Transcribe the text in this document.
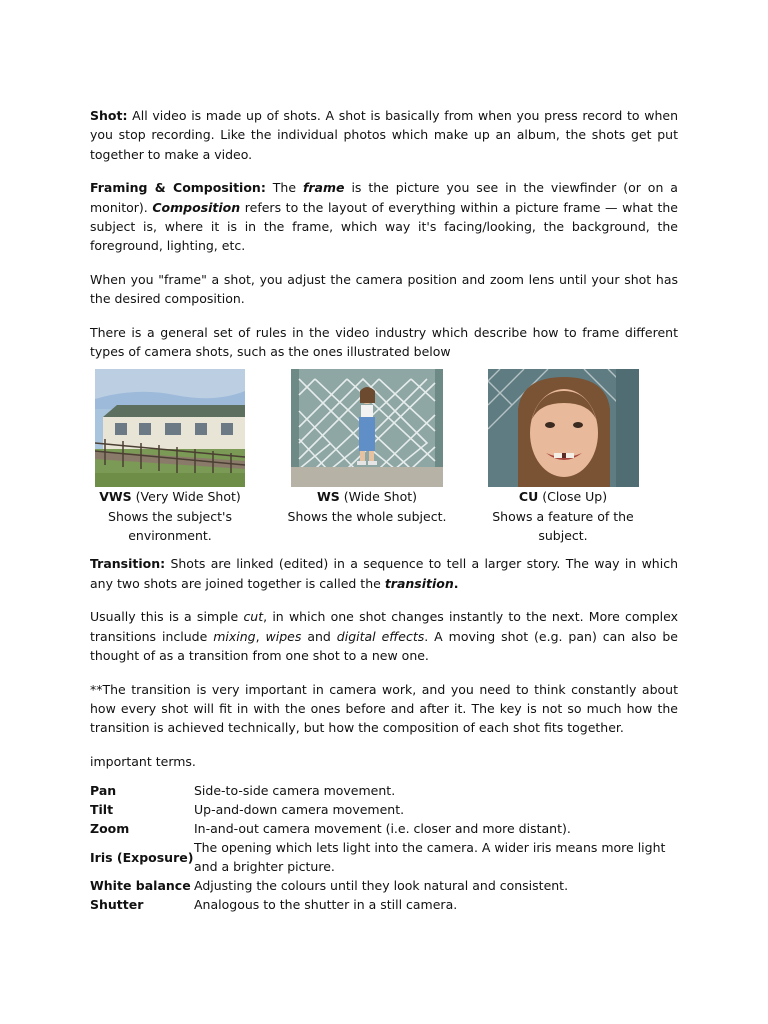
Shot: All video is made up of shots. A shot is basically from when you press record to when you stop recording. Like the individual photos which make up an album, the shots get put together to make a video.

Framing & Composition: The frame is the picture you see in the viewfinder (or on a monitor). Composition refers to the layout of everything within a picture frame — what the subject is, where it is in the frame, which way it's facing/looking, the background, the foreground, lighting, etc.

When you "frame" a shot, you adjust the camera position and zoom lens until your shot has the desired composition.

There is a general set of rules in the video industry which describe how to frame different types of camera shots, such as the ones illustrated below

VWS (Very Wide Shot)
Shows the subject's environment.
WS (Wide Shot)
Shows the whole subject.
CU (Close Up)
Shows a feature of the subject.

Transition: Shots are linked (edited) in a sequence to tell a larger story. The way in which any two shots are joined together is called the transition.

Usually this is a simple cut, in which one shot changes instantly to the next. More complex transitions include mixing, wipes and digital effects. A moving shot (e.g. pan) can also be thought of as a transition from one shot to a new one.

**The transition is very important in camera work, and you need to think constantly about how every shot will fit in with the ones before and after it. The key is not so much how the transition is achieved technically, but how the composition of each shot fits together.

important terms.

Pan	Side-to-side camera movement.
Tilt	Up-and-down camera movement.
Zoom	In-and-out camera movement (i.e. closer and more distant).
Iris (Exposure)	The opening which lets light into the camera. A wider iris means more light and a brighter picture.
White balance	Adjusting the colours until they look natural and consistent.
Shutter	Analogous to the shutter in a still camera.
